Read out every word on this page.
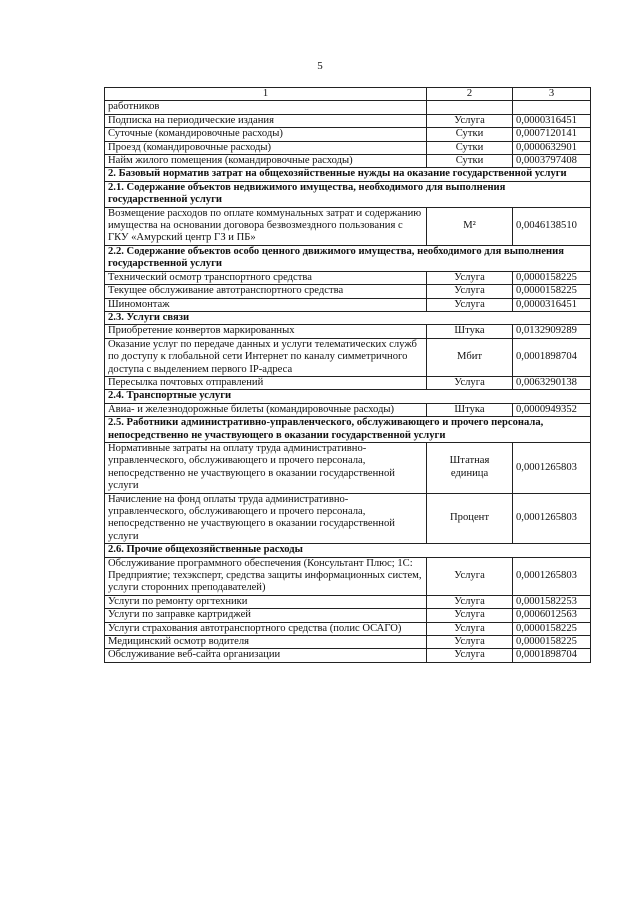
5
1	2	3
работников		
Подписка на периодические издания	Услуга	0,0000316451
Суточные (командировочные расходы)	Сутки	0,0007120141
Проезд (командировочные расходы)	Сутки	0,0000632901
Найм жилого помещения (командировочные расходы)	Сутки	0,0003797408
2. Базовый норматив затрат на общехозяйственные нужды на оказание государственной услуги		
2.1. Содержание объектов недвижимого имущества, необходимого для выполнения государственной услуги		
Возмещение расходов по оплате коммунальных затрат и содержанию имущества на основании договора безвозмездного пользования с ГКУ «Амурский центр ГЗ и ПБ»	М²	0,0046138510
2.2. Содержание объектов особо ценного движимого имущества, необходимого для выполнения государственной услуги		
Технический осмотр транспортного средства	Услуга	0,0000158225
Текущее обслуживание автотранспортного средства	Услуга	0,0000158225
Шиномонтаж	Услуга	0,0000316451
2.3. Услуги связи		
Приобретение конвертов маркированных	Штука	0,0132909289
Оказание услуг по передаче данных и услуги телематических служб по доступу к глобальной сети Интернет по каналу симметричного доступа с выделением первого IP-адреса	Мбит	0,0001898704
Пересылка почтовых отправлений	Услуга	0,0063290138
2.4. Транспортные услуги		
Авиа- и железнодорожные билеты (командировочные расходы)	Штука	0,0000949352
2.5. Работники административно-управленческого, обслуживающего и прочего персонала, непосредственно не участвующего в оказании государственной услуги		
Нормативные затраты на оплату труда административно-управленческого, обслуживающего и прочего персонала, непосредственно не участвующего в оказании государственной услуги	Штатная единица	0,0001265803
Начисление на фонд оплаты труда административно-управленческого, обслуживающего и прочего персонала, непосредственно не участвующего в оказании государственной услуги	Процент	0,0001265803
2.6. Прочие общехозяйственные расходы		
Обслуживание программного обеспечения (Консультант Плюс; 1С: Предприятие; техэксперт, средства защиты информационных систем, услуги сторонних преподавателей)	Услуга	0,0001265803
Услуги по ремонту оргтехники	Услуга	0,0001582253
Услуги по заправке картриджей	Услуга	0,0006012563
Услуги страхования автотранспортного средства (полис ОСАГО)	Услуга	0,0000158225
Медицинский осмотр водителя	Услуга	0,0000158225
Обслуживание веб-сайта организации	Услуга	0,0001898704
